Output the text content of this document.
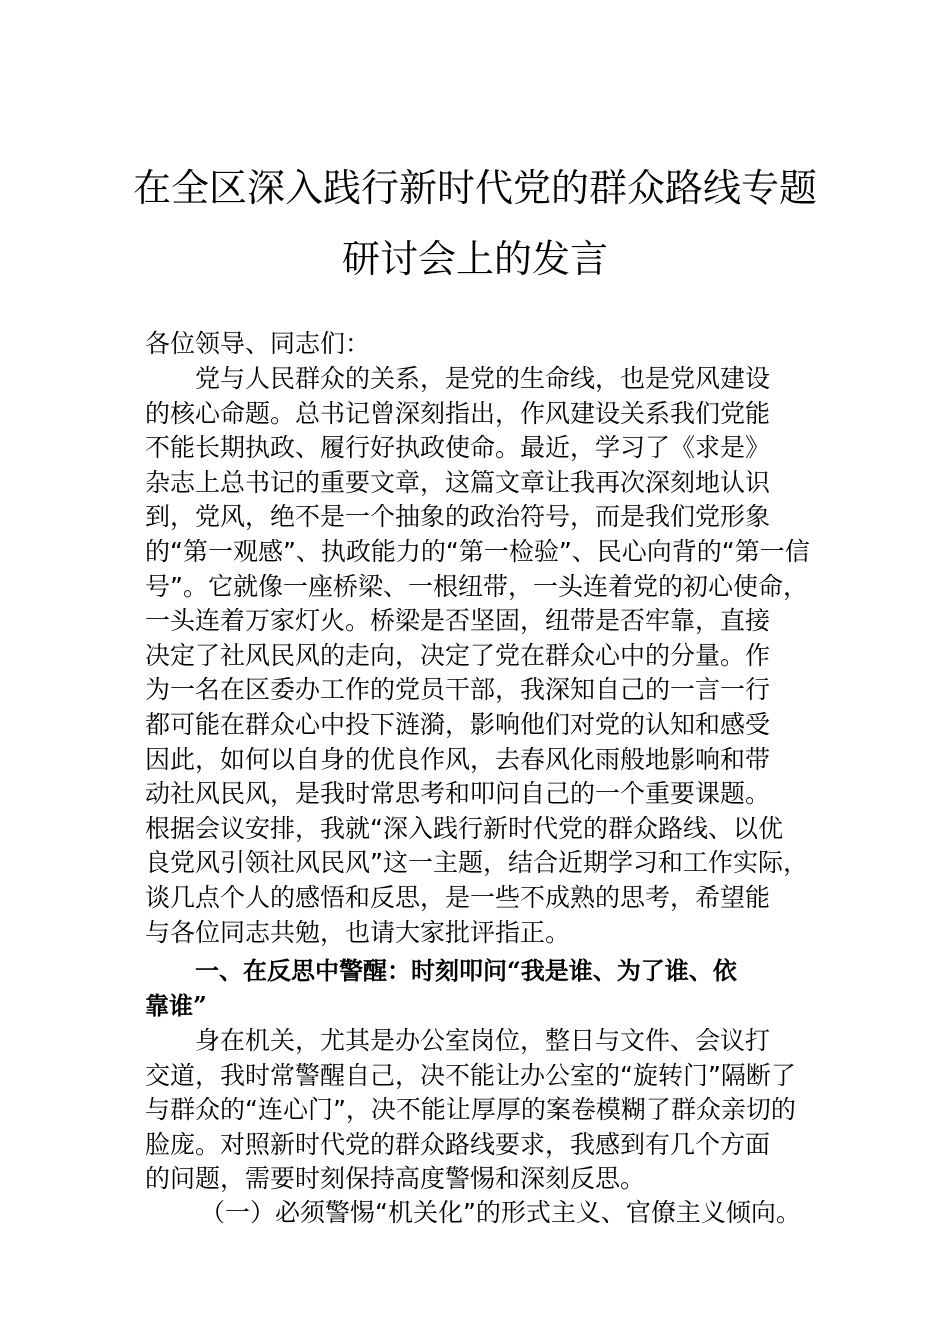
在全区深入践行新时代党的群众路线专题
研讨会上的发言
各位领导、同志们：
党与人民群众的关系，是党的生命线，也是党风建设
的核心命题。总书记曾深刻指出，作风建设关系我们党能
不能长期执政、履行好执政使命。最近，学习了《求是》
杂志上总书记的重要文章，这篇文章让我再次深刻地认识
到，党风，绝不是一个抽象的政治符号，而是我们党形象
的“第一观感”、执政能力的“第一检验”、民心向背的“第一信
号”。它就像一座桥梁、一根纽带，一头连着党的初心使命，
一头连着万家灯火。桥梁是否坚固，纽带是否牢靠，直接
决定了社风民风的走向，决定了党在群众心中的分量。作
为一名在区委办工作的党员干部，我深知自己的一言一行
都可能在群众心中投下涟漪，影响他们对党的认知和感受
因此，如何以自身的优良作风，去春风化雨般地影响和带
动社风民风，是我时常思考和叩问自己的一个重要课题。
根据会议安排，我就“深入践行新时代党的群众路线、以优
良党风引领社风民风”这一主题，结合近期学习和工作实际，
谈几点个人的感悟和反思，是一些不成熟的思考，希望能
与各位同志共勉，也请大家批评指正。
一、在反思中警醒：时刻叩问“我是谁、为了谁、依
靠谁”
身在机关，尤其是办公室岗位，整日与文件、会议打
交道，我时常警醒自己，决不能让办公室的“旋转门”隔断了
与群众的“连心门”，决不能让厚厚的案卷模糊了群众亲切的
脸庞。对照新时代党的群众路线要求，我感到有几个方面
的问题，需要时刻保持高度警惕和深刻反思。
（一）必须警惕“机关化”的形式主义、官僚主义倾向。
